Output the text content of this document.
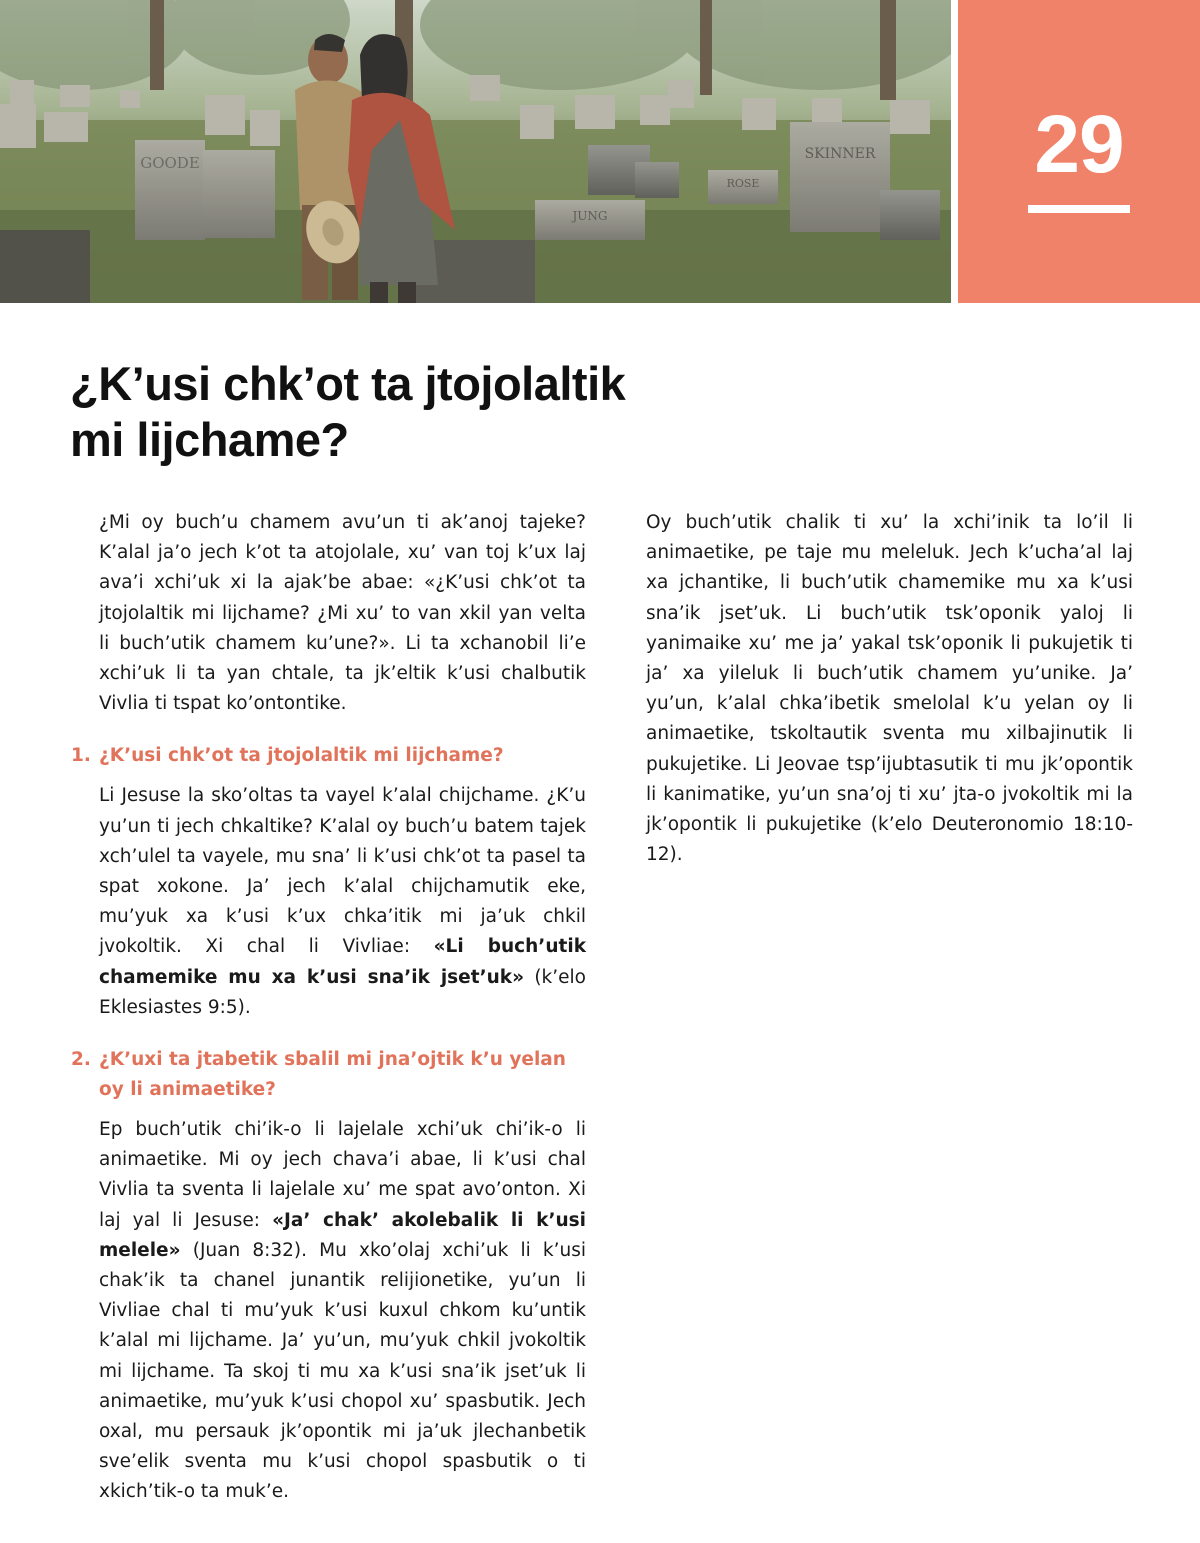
GOODE	SKINNER
JUNG
ROSE	29
¿K’usi chk’ot ta jtojolaltik
mi lijchame?

¿Mi oy buch’u chamem avu’un ti ak’anoj tajeke? K’alal ja’o jech k’ot ta atojolale, xu’ van toj k’ux laj ava’i xchi’uk xi la ajak’be abae: «¿K’usi chk’ot ta jtojolaltik mi lijchame? ¿Mi xu’ to van xkil yan velta li buch’utik chamem ku’une?». Li ta xchanobil li’e xchi’uk li ta yan chtale, ta jk’eltik k’usi chalbutik Vivlia ti tspat ko’ontontike.

1. ¿K’usi chk’ot ta jtojolaltik mi lijchame?

Li Jesuse la sko’oltas ta vayel k’alal chijchame. ¿K’u yu’un ti jech chkaltike? K’alal oy buch’u batem tajek xch’ulel ta vayele, mu sna’ li k’usi chk’ot ta pasel ta spat xokone. Ja’ jech k’alal chijchamutik eke, mu’yuk xa k’usi k’ux chka’itik mi ja’uk chkil jvokoltik. Xi chal li Vivliae: «Li buch’utik chamemike mu xa k’usi sna’ik jset’uk» (k’elo Eklesiastes 9:5).

2. ¿K’uxi ta jtabetik sbalil mi jna’ojtik k’u yelan oy li animaetike?

Ep buch’utik chi’ik-o li lajelale xchi’uk chi’ik-o li animaetike. Mi oy jech chava’i abae, li k’usi chal Vivlia ta sventa li lajelale xu’ me spat avo’onton. Xi laj yal li Jesuse: «Ja’ chak’ akolebalik li k’usi melele» (Juan 8:32). Mu xko’olaj xchi’uk li k’usi chak’ik ta chanel junantik relijionetike, yu’un li Vivliae chal ti mu’yuk k’usi kuxul chkom ku’untik k’alal mi lijchame. Ja’ yu’un, mu’yuk chkil jvokoltik mi lijchame. Ta skoj ti mu xa k’usi sna’ik jset’uk li animaetike, mu’yuk k’usi chopol xu’ spasbutik. Jech oxal, mu persauk jk’opontik mi ja’uk jlechanbetik sve’elik sventa mu k’usi chopol spasbutik o ti xkich’tik-o ta muk’e.

Oy buch’utik chalik ti xu’ la xchi’inik ta lo’il li animaetike, pe taje mu meleluk. Jech k’ucha’al laj xa jchantike, li buch’utik chamemike mu xa k’usi sna’ik jset’uk. Li buch’utik tsk’oponik yaloj li yanimaike xu’ me ja’ yakal tsk’oponik li pukujetik ti ja’ xa yileluk li buch’utik chamem yu’unike. Ja’ yu’un, k’alal chka’ibetik smelolal k’u yelan oy li animaetike, tskoltautik sventa mu xilbajinutik li pukujetike. Li Jeovae tsp’ijubtasutik ti mu jk’opontik li kanimatike, yu’un sna’oj ti xu’ jta-o jvokoltik mi la jk’opontik li pukujetike (k’elo Deuteronomio 18:10-12).
